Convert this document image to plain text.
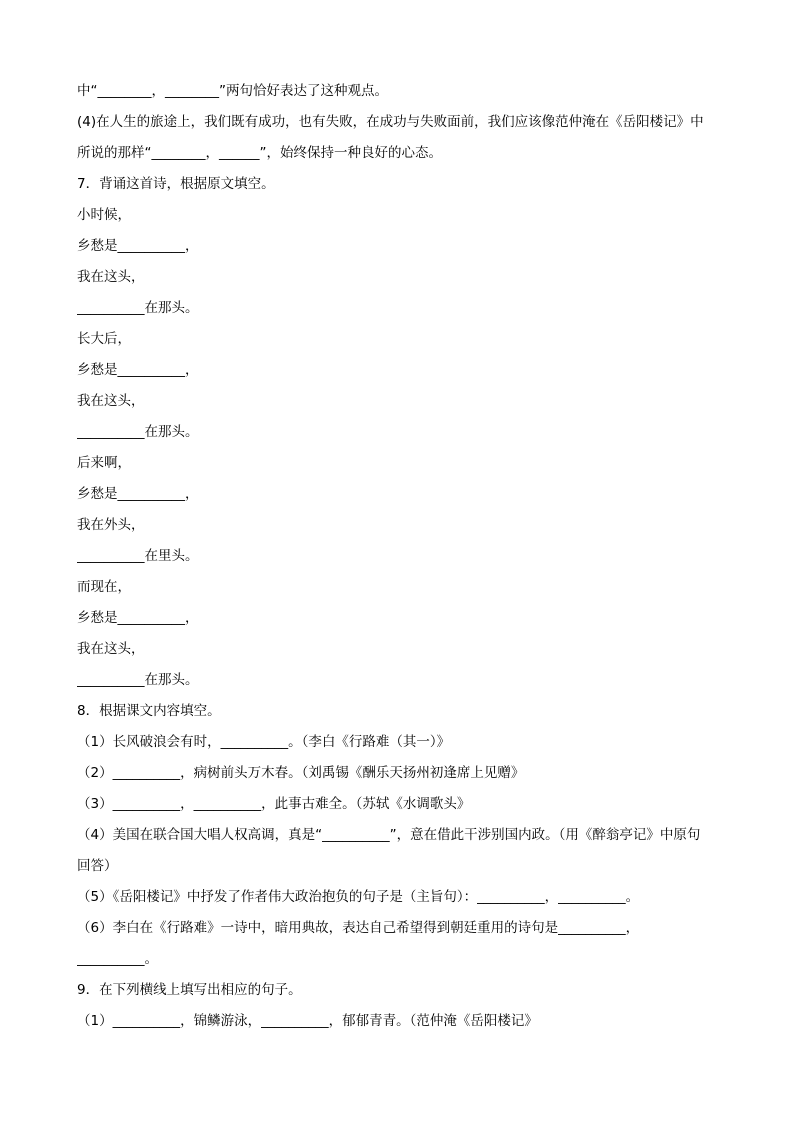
中“________，________”两句恰好表达了这种观点。
(4)在人生的旅途上，我们既有成功，也有失败，在成功与失败面前，我们应该像范仲淹在《岳阳楼记》中
所说的那样“________，______”，始终保持一种良好的心态。
7．背诵这首诗，根据原文填空。
小时候，
乡愁是__________，
我在这头，
__________在那头。
长大后，
乡愁是__________，
我在这头，
__________在那头。
后来啊，
乡愁是__________，
我在外头，
__________在里头。
而现在，
乡愁是__________，
我在这头，
__________在那头。
8．根据课文内容填空。
（1）长风破浪会有时，__________。（李白《行路难（其一）》
（2）__________，病树前头万木春。（刘禹锡《酬乐天扬州初逢席上见赠》
（3）__________，__________，此事古难全。（苏轼《水调歌头》
（4）美国在联合国大唱人权高调，真是“__________”，意在借此干涉别国内政。（用《醉翁亭记》中原句
回答）
（5）《岳阳楼记》中抒发了作者伟大政治抱负的句子是（主旨句）：__________，__________。
（6）李白在《行路难》一诗中，暗用典故，表达自己希望得到朝廷重用的诗句是__________，
__________。
9．在下列横线上填写出相应的句子。
（1）__________，锦鳞游泳，__________，郁郁青青。（范仲淹《岳阳楼记》
